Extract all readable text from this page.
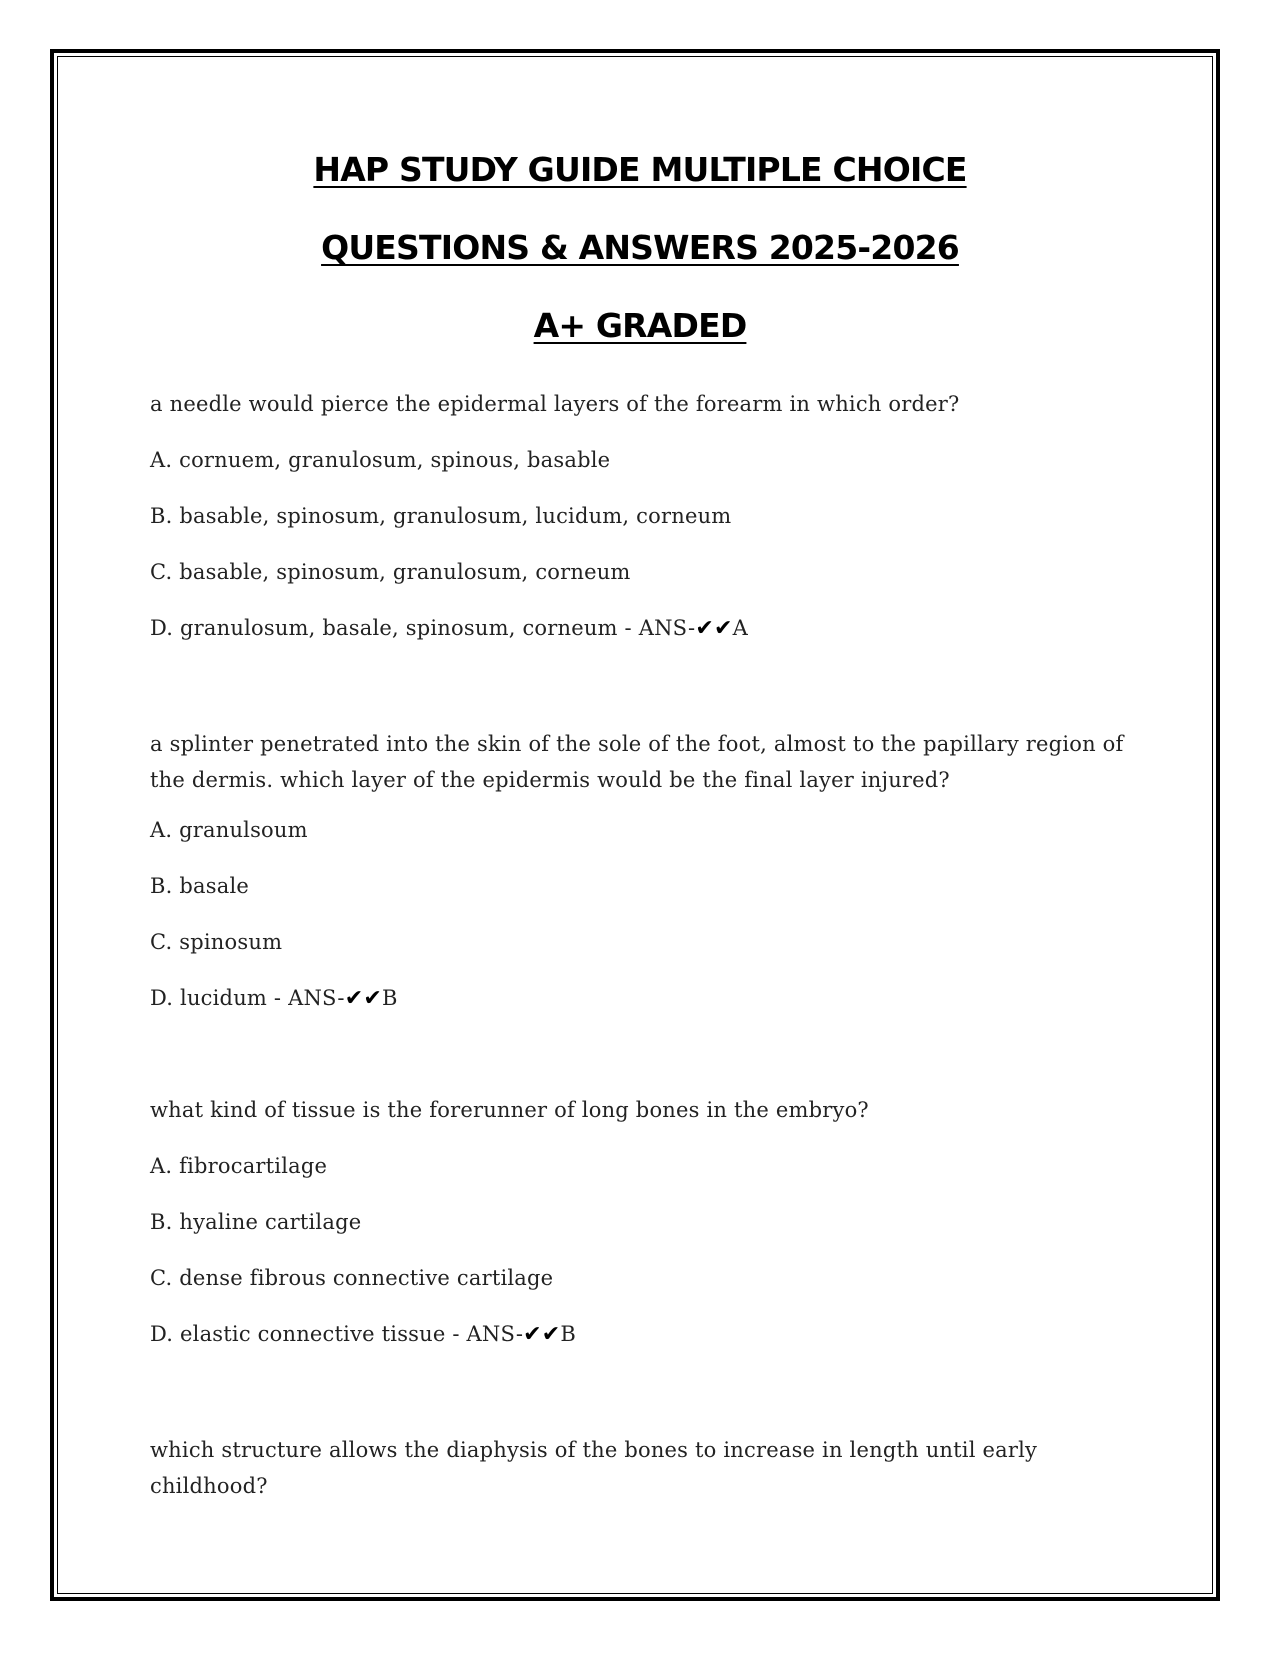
HAP STUDY GUIDE MULTIPLE CHOICE
QUESTIONS & ANSWERS 2025-2026
A+ GRADED
a needle would pierce the epidermal layers of the forearm in which order?
A. cornuem, granulosum, spinous, basable
B. basable, spinosum, granulosum, lucidum, corneum
C. basable, spinosum, granulosum, corneum
D. granulosum, basale, spinosum, corneum - ANS-✔✔A
a splinter penetrated into the skin of the sole of the foot, almost to the papillary region of the dermis. which layer of the epidermis would be the final layer injured?
A. granulsoum
B. basale
C. spinosum
D. lucidum - ANS-✔✔B
what kind of tissue is the forerunner of long bones in the embryo?
A. fibrocartilage
B. hyaline cartilage
C. dense fibrous connective cartilage
D. elastic connective tissue - ANS-✔✔B
which structure allows the diaphysis of the bones to increase in length until early childhood?
